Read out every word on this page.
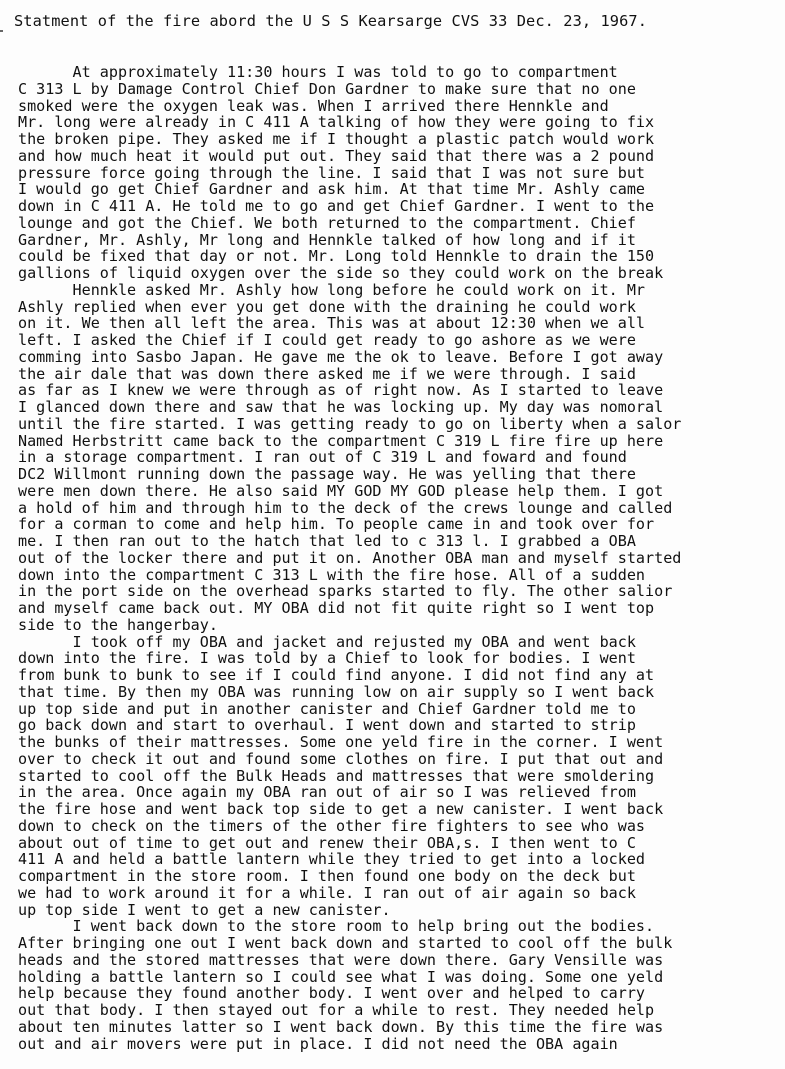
Statment of the fire abord the U S S Kearsarge CVS 33 Dec. 23, 1967.
At approximately 11:30 hours I was told to go to compartment
C 313 L by Damage Control Chief Don Gardner to make sure that no one
smoked were the oxygen leak was. When I arrived there Hennkle and
Mr. long were already in C 411 A talking of how they were going to fix
the broken pipe. They asked me if I thought a plastic patch would work
and how much heat it would put out. They said that there was a 2 pound
pressure force going through the line. I said that I was not sure but
I would go get Chief Gardner and ask him. At that time Mr. Ashly came
down in C 411 A. He told me to go and get Chief Gardner. I went to the
lounge and got the Chief. We both returned to the compartment. Chief
Gardner, Mr. Ashly, Mr long and Hennkle talked of how long and if it
could be fixed that day or not. Mr. Long told Hennkle to drain the 150
gallions of liquid oxygen over the side so they could work on the break
Hennkle asked Mr. Ashly how long before he could work on it. Mr
Ashly replied when ever you get done with the draining he could work
on it. We then all left the area. This was at about 12:30 when we all
left. I asked the Chief if I could get ready to go ashore as we were
comming into Sasbo Japan. He gave me the ok to leave. Before I got away
the air dale that was down there asked me if we were through. I said
as far as I knew we were through as of right now. As I started to leave
I glanced down there and saw that he was locking up. My day was nomoral
until the fire started. I was getting ready to go on liberty when a salor
Named Herbstritt came back to the compartment C 319 L fire fire up here
in a storage compartment. I ran out of C 319 L and foward and found
DC2 Willmont running down the passage way. He was yelling that there
were men down there. He also said MY GOD MY GOD please help them. I got
a hold of him and through him to the deck of the crews lounge and called
for a corman to come and help him. To people came in and took over for
me. I then ran out to the hatch that led to c 313 l. I grabbed a OBA
out of the locker there and put it on. Another OBA man and myself started
down into the compartment C 313 L with the fire hose. All of a sudden
in the port side on the overhead sparks started to fly. The other salior
and myself came back out. MY OBA did not fit quite right so I went top
side to the hangerbay.
I took off my OBA and jacket and rejusted my OBA and went back
down into the fire. I was told by a Chief to look for bodies. I went
from bunk to bunk to see if I could find anyone. I did not find any at
that time. By then my OBA was running low on air supply so I went back
up top side and put in another canister and Chief Gardner told me to
go back down and start to overhaul. I went down and started to strip
the bunks of their mattresses. Some one yeld fire in the corner. I went
over to check it out and found some clothes on fire. I put that out and
started to cool off the Bulk Heads and mattresses that were smoldering
in the area. Once again my OBA ran out of air so I was relieved from
the fire hose and went back top side to get a new canister. I went back
down to check on the timers of the other fire fighters to see who was
about out of time to get out and renew their OBA,s. I then went to C
411 A and held a battle lantern while they tried to get into a locked
compartment in the store room. I then found one body on the deck but
we had to work around it for a while. I ran out of air again so back
up top side I went to get a new canister.
I went back down to the store room to help bring out the bodies.
After bringing one out I went back down and started to cool off the bulk
heads and the stored mattresses that were down there. Gary Vensille was
holding a battle lantern so I could see what I was doing. Some one yeld
help because they found another body. I went over and helped to carry
out that body. I then stayed out for a while to rest. They needed help
about ten minutes latter so I went back down. By this time the fire was
out and air movers were put in place. I did not need the OBA again
